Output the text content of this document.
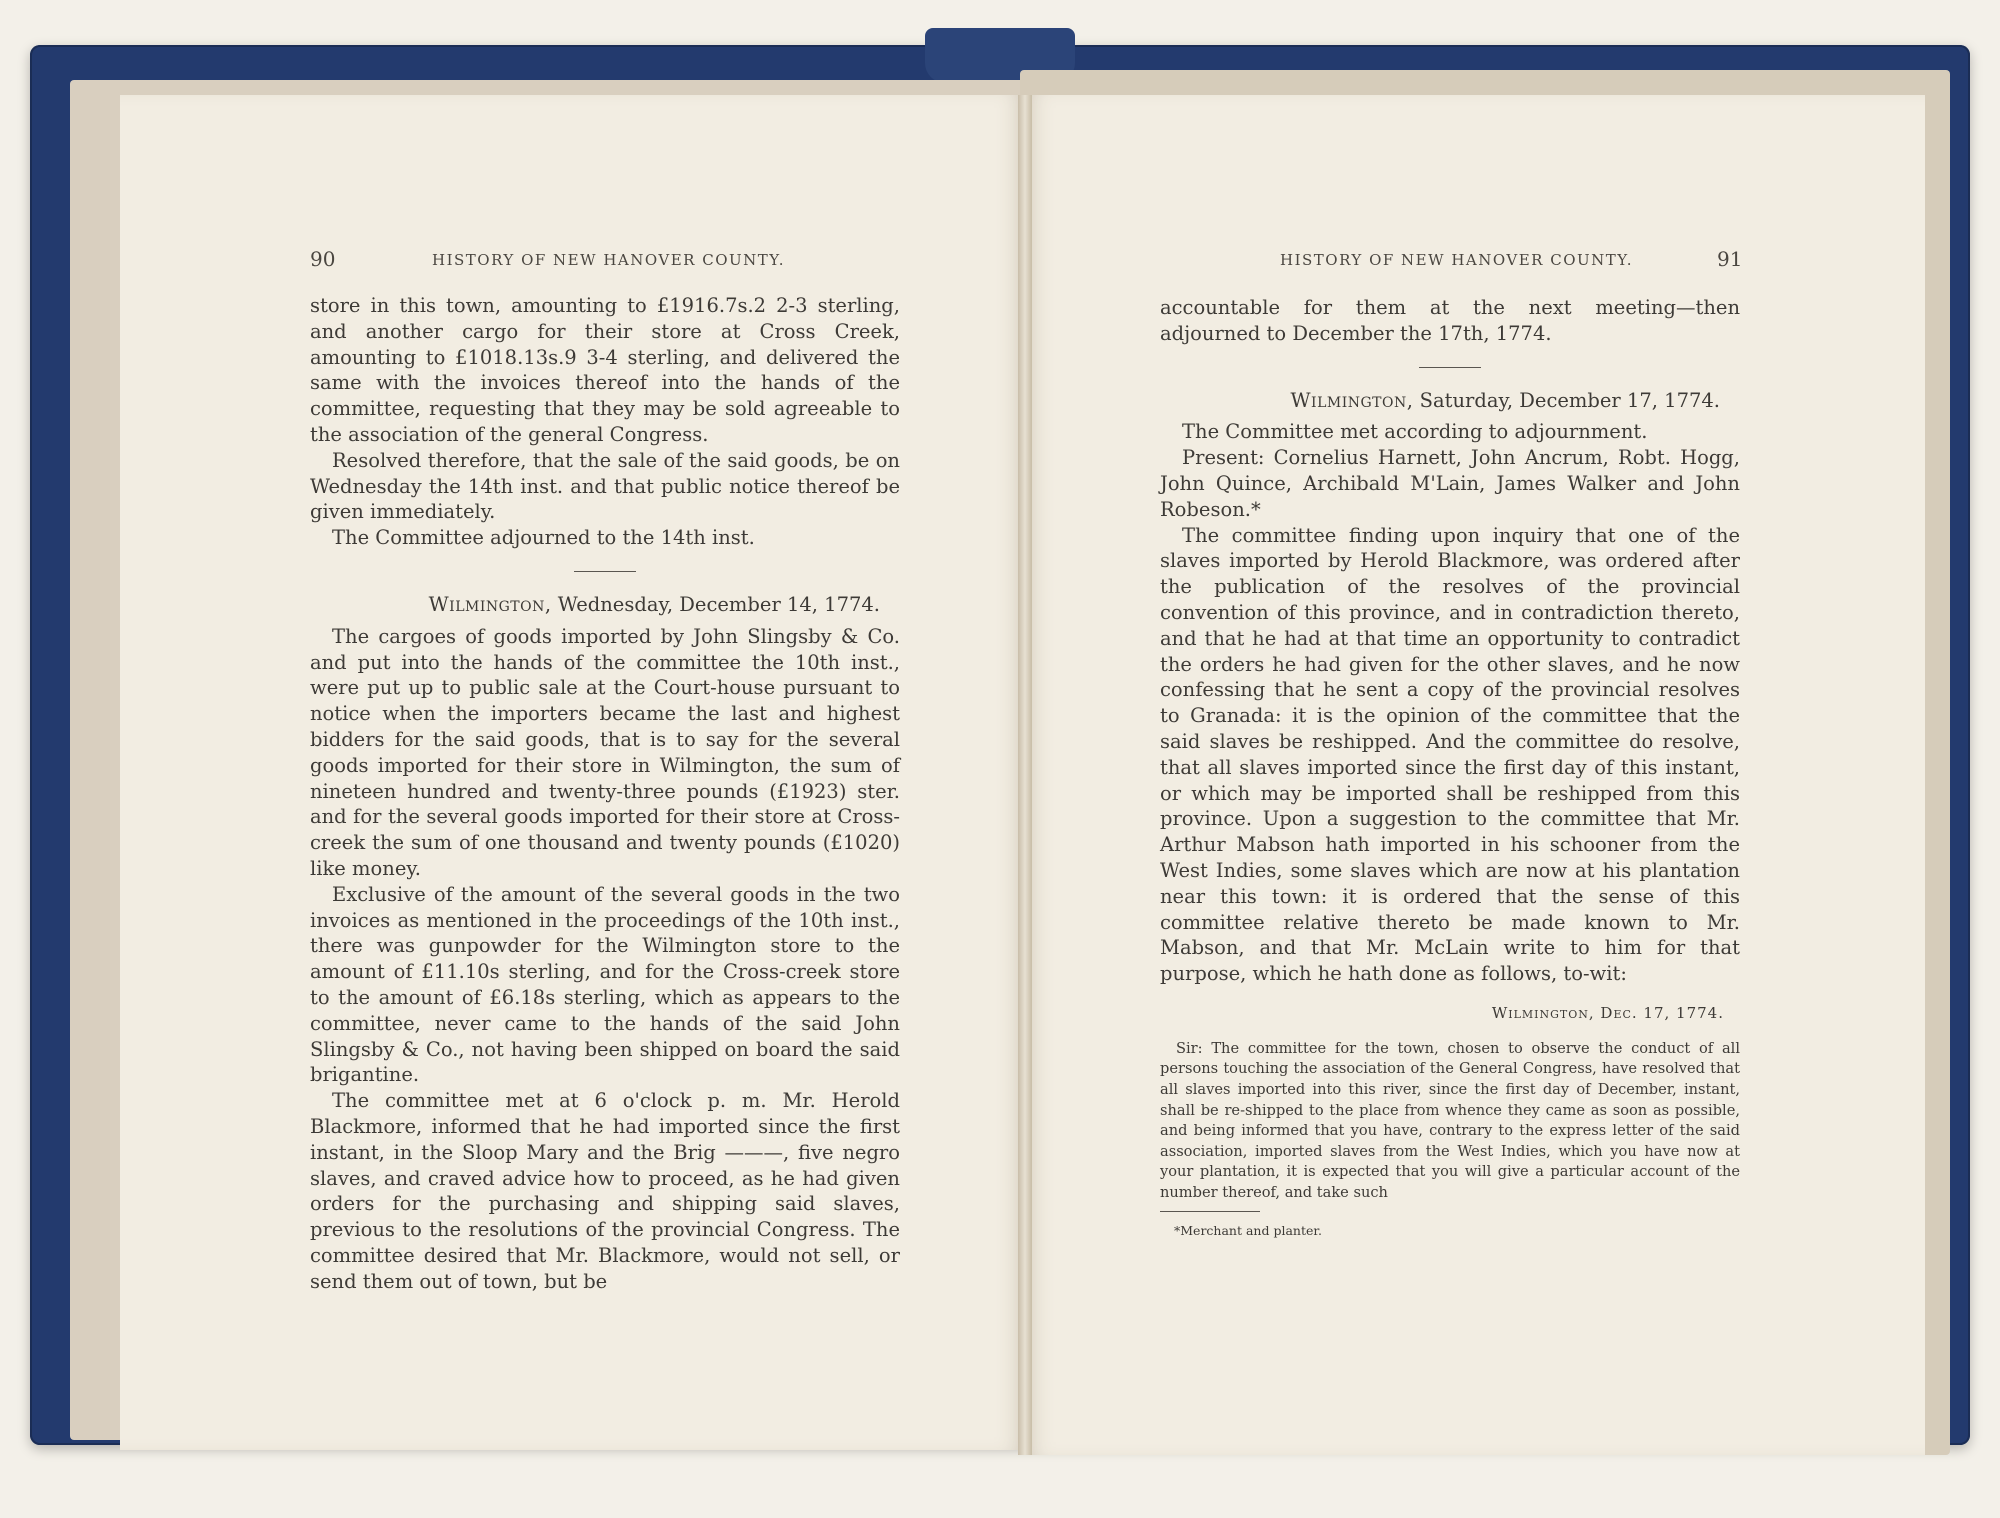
90	HISTORY OF NEW HANOVER COUNTY.

store in this town, amounting to £1916.7s.2 2-3 sterling, and another cargo for their store at Cross Creek, amounting to £1018.13s.9 3-4 sterling, and delivered the same with the invoices thereof into the hands of the committee, requesting that they may be sold agreeable to the association of the general Congress.

Resolved therefore, that the sale of the said goods, be on Wednesday the 14th inst. and that public notice thereof be given immediately.

The Committee adjourned to the 14th inst.

Wilmington, Wednesday, December 14, 1774.

The cargoes of goods imported by John Slingsby & Co. and put into the hands of the committee the 10th inst., were put up to public sale at the Court-house pursuant to notice when the importers became the last and highest bidders for the said goods, that is to say for the several goods imported for their store in Wilmington, the sum of nineteen hundred and twenty-three pounds (£1923) ster. and for the several goods imported for their store at Cross-creek the sum of one thousand and twenty pounds (£1020) like money.

Exclusive of the amount of the several goods in the two invoices as mentioned in the proceedings of the 10th inst., there was gunpowder for the Wilmington store to the amount of £11.10s sterling, and for the Cross-creek store to the amount of £6.18s sterling, which as appears to the committee, never came to the hands of the said John Slingsby & Co., not having been shipped on board the said brigantine.

The committee met at 6 o'clock p. m. Mr. Herold Blackmore, informed that he had imported since the first instant, in the Sloop Mary and the Brig ———, five negro slaves, and craved advice how to proceed, as he had given orders for the purchasing and shipping said slaves, previous to the resolutions of the provincial Congress. The committee desired that Mr. Blackmore, would not sell, or send them out of town, but be

HISTORY OF NEW HANOVER COUNTY.	91

accountable for them at the next meeting—then adjourned to December the 17th, 1774.

Wilmington, Saturday, December 17, 1774.

The Committee met according to adjournment.

Present: Cornelius Harnett, John Ancrum, Robt. Hogg, John Quince, Archibald M'Lain, James Walker and John Robeson.*

The committee finding upon inquiry that one of the slaves imported by Herold Blackmore, was ordered after the publication of the resolves of the provincial convention of this province, and in contradiction thereto, and that he had at that time an opportunity to contradict the orders he had given for the other slaves, and he now confessing that he sent a copy of the provincial resolves to Granada: it is the opinion of the committee that the said slaves be reshipped. And the committee do resolve, that all slaves imported since the first day of this instant, or which may be imported shall be reshipped from this province. Upon a suggestion to the committee that Mr. Arthur Mabson hath imported in his schooner from the West Indies, some slaves which are now at his plantation near this town: it is ordered that the sense of this committee relative thereto be made known to Mr. Mabson, and that Mr. McLain write to him for that purpose, which he hath done as follows, to-wit:

Wilmington, Dec. 17, 1774.

Sir: The committee for the town, chosen to observe the conduct of all persons touching the association of the General Congress, have resolved that all slaves imported into this river, since the first day of December, instant, shall be re-shipped to the place from whence they came as soon as possible, and being informed that you have, contrary to the express letter of the said association, imported slaves from the West Indies, which you have now at your plantation, it is expected that you will give a particular account of the number thereof, and take such

*Merchant and planter.
